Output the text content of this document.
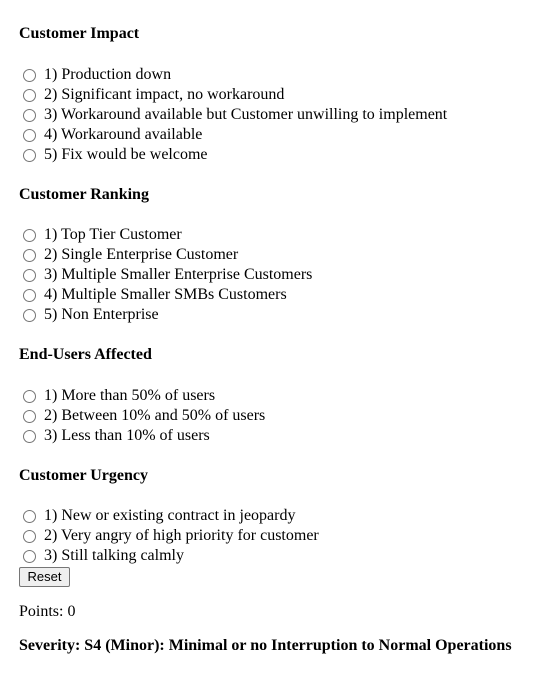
Customer Impact
1) Production down
2) Significant impact, no workaround
3) Workaround available but Customer unwilling to implement
4) Workaround available
5) Fix would be welcome
Customer Ranking
1) Top Tier Customer
2) Single Enterprise Customer
3) Multiple Smaller Enterprise Customers
4) Multiple Smaller SMBs Customers
5) Non Enterprise
End-Users Affected
1) More than 50% of users
2) Between 10% and 50% of users
3) Less than 10% of users
Customer Urgency
1) New or existing contract in jeopardy
2) Very angry of high priority for customer
3) Still talking calmly
Reset
Points: 0
Severity: S4 (Minor): Minimal or no Interruption to Normal Operations
